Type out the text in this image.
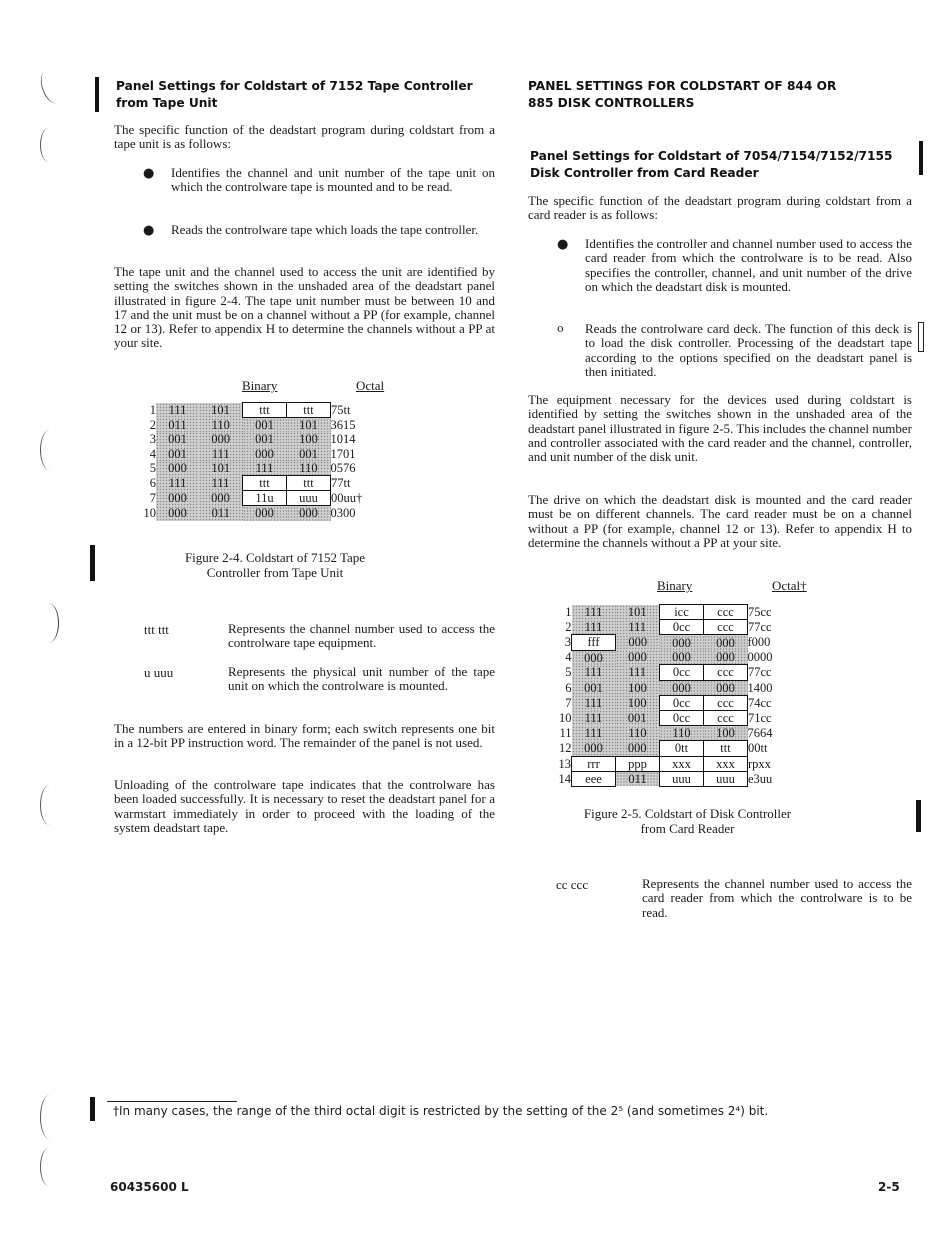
Panel Settings for Coldstart of 7152 Tape Controller
from Tape Unit
The specific function of the deadstart program during coldstart from a tape unit is as follows:
● Identifies the channel and unit number of the tape unit on which the controlware tape is mounted and to be read.
● Reads the controlware tape which loads the tape controller.
The tape unit and the channel used to access the unit are identified by setting the switches shown in the unshaded area of the deadstart panel illustrated in figure 2-4. The tape unit number must be between 10 and 17 and the unit must be on a channel without a PP (for example, channel 12 or 13). Refer to appendix H to determine the channels without a PP at your site.
Binary	Octal
1	111	101	ttt	ttt	75tt
2	011	110	001	101	3615
3	001	000	001	100	1014
4	001	111	000	001	1701
5	000	101	111	110	0576
6	111	111	ttt	ttt	77tt
7	000	000	11u	uuu	00uu†
10	000	011	000	000	0300
Figure 2-4. Coldstart of 7152 Tape
Controller from Tape Unit
ttt ttt	Represents the channel number used to access the controlware tape equipment.
u uuu	Represents the physical unit number of the tape unit on which the controlware is mounted.
The numbers are entered in binary form; each switch represents one bit in a 12-bit PP instruction word. The remainder of the panel is not used.
Unloading of the controlware tape indicates that the controlware has been loaded successfully. It is necessary to reset the deadstart panel for a warmstart immediately in order to proceed with the loading of the system deadstart tape.
PANEL SETTINGS FOR COLDSTART OF 844 OR
885 DISK CONTROLLERS
Panel Settings for Coldstart of 7054/7154/7152/7155
Disk Controller from Card Reader
The specific function of the deadstart program during coldstart from a card reader is as follows:
● Identifies the controller and channel number used to access the card reader from which the controlware is to be read. Also specifies the controller, channel, and unit number of the drive on which the deadstart disk is mounted.
o Reads the controlware card deck. The function of this deck is to load the disk controller. Processing of the deadstart tape according to the options specified on the deadstart panel is then initiated.
The equipment necessary for the devices used during coldstart is identified by setting the switches shown in the unshaded area of the deadstart panel illustrated in figure 2-5. This includes the channel number and controller associated with the card reader and the channel, controller, and unit number of the disk unit.
The drive on which the deadstart disk is mounted and the card reader must be on different channels. The card reader must be on a channel without a PP (for example, channel 12 or 13). Refer to appendix H to determine the channels without a PP at your site.
Binary	Octal†
1	111	101	icc	ccc	75cc
2	111	111	0cc	ccc	77cc
3	fff	000	000	000	f000
4	000	000	000	000	0000
5	111	111	0cc	ccc	77cc
6	001	100	000	000	1400
7	111	100	0cc	ccc	74cc
10	111	001	0cc	ccc	71cc
11	111	110	110	100	7664
12	000	000	0tt	ttt	00tt
13	rrr	ppp	xxx	xxx	rpxx
14	eee	011	uuu	uuu	e3uu
Figure 2-5. Coldstart of Disk Controller
from Card Reader
cc ccc	Represents the channel number used to access the card reader from which the controlware is to be read.
†In many cases, the range of the third octal digit is restricted by the setting of the 2⁵ (and sometimes 2⁴) bit.
60435600 L	2-5
